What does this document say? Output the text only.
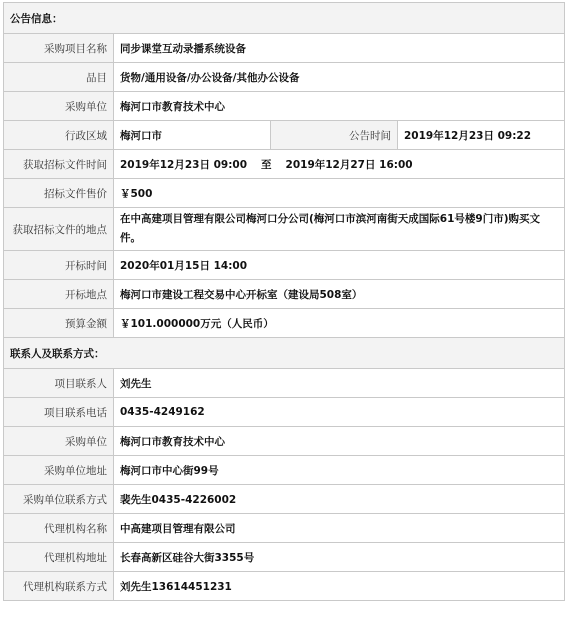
公告信息：			
采购项目名称	同步课堂互动录播系统设备		
品目	货物/通用设备/办公设备/其他办公设备		
采购单位	梅河口市教育技术中心		
行政区域	梅河口市	公告时间	2019年12月23日 09:22
获取招标文件时间	2019年12月23日 09:00 至 2019年12月27日 16:00		
招标文件售价	￥500		
获取招标文件的地点	在中高建项目管理有限公司梅河口分公司(梅河口市滨河南街天成国际61号楼9门市)购买文件。		
开标时间	2020年01月15日 14:00		
开标地点	梅河口市建设工程交易中心开标室（建设局508室）		
预算金额	￥101.000000万元（人民币）		
联系人及联系方式：			
项目联系人	刘先生		
项目联系电话	0435-4249162		
采购单位	梅河口市教育技术中心		
采购单位地址	梅河口市中心街99号		
采购单位联系方式	裴先生0435-4226002		
代理机构名称	中高建项目管理有限公司		
代理机构地址	长春高新区硅谷大街3355号		
代理机构联系方式	刘先生13614451231		
